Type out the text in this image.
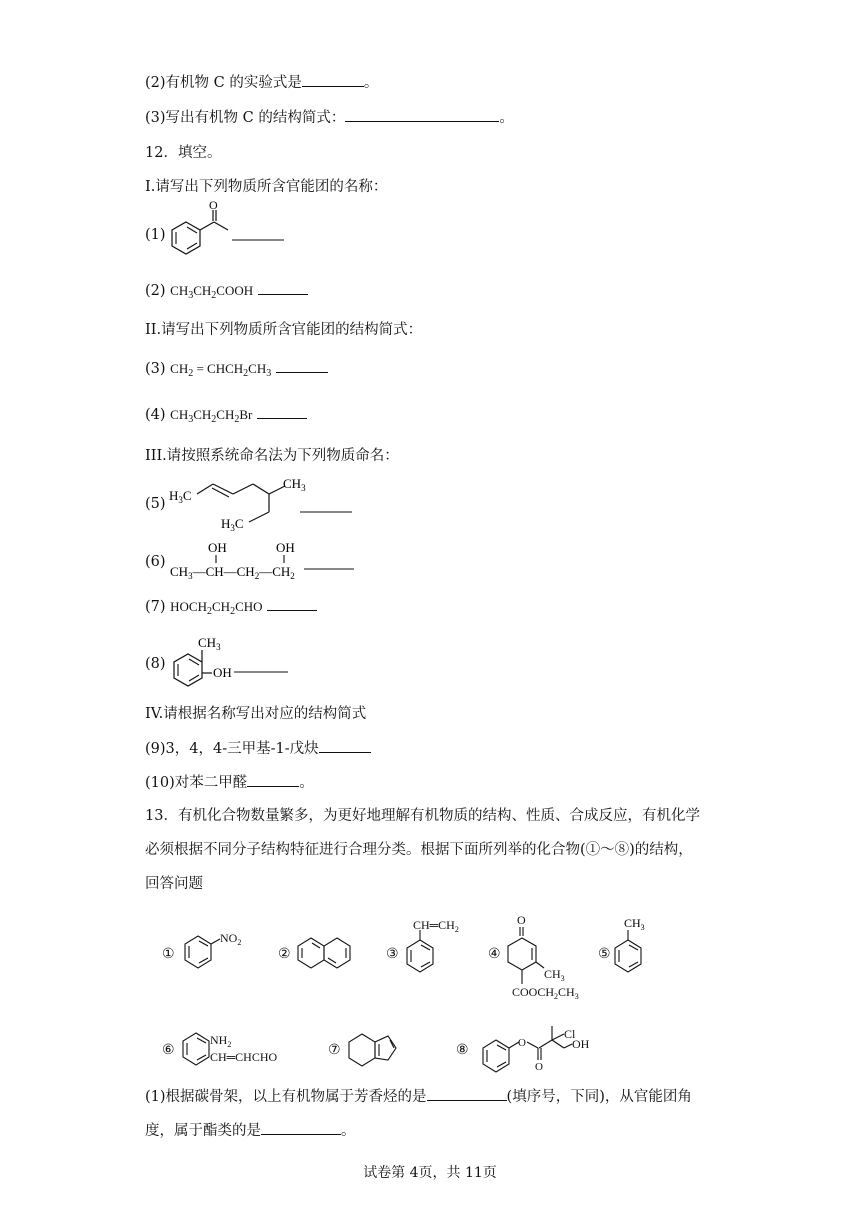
(2)有机物 C 的实验式是	。
(3)写出有机物 C 的结构简式：	。
12．填空。
I.请写出下列物质所含官能团的名称：
(1)
O
(2) $CH_3CH_2COOH$
II.请写出下列物质所含官能团的结构简式：
(3) $CH_2$ = $CHCH_2CH_3$
(4) $CH_3CH_2CH_2Br$
III.请按照系统命名法为下列物质命名：
(5)
$H_3C$
$CH_3$
$H_3C$
(6)
OH	OH
$CH_3—CH—CH_2—CH_2$
(7) $HOCH_2CH_2CHO$
(8)
$CH_3$
OH
IV.请根据名称写出对应的结构简式
(9)3，4，4-三甲基-1-戊炔
(10)对苯二甲醛	。
13．有机化合物数量繁多，为更好地理解有机物质的结构、性质、合成反应，有机化学
必须根据不同分子结构特征进行合理分类。根据下面所列举的化合物(①～⑧)的结构，
回答问题
①
$NO_2$
②	③
$CH═CH_2$
④
O
$CH_3$
$COOCH_2CH_3$
⑤
⑥
$NH_2$
CH═CHCHO	⑦	⑧	O
O
Cl
OH
$CH_3$
(1)根据碳骨架，以上有机物属于芳香烃的是	(填序号，下同)，从官能团角
度，属于酯类的是	。
试卷第 4页，共 11页
